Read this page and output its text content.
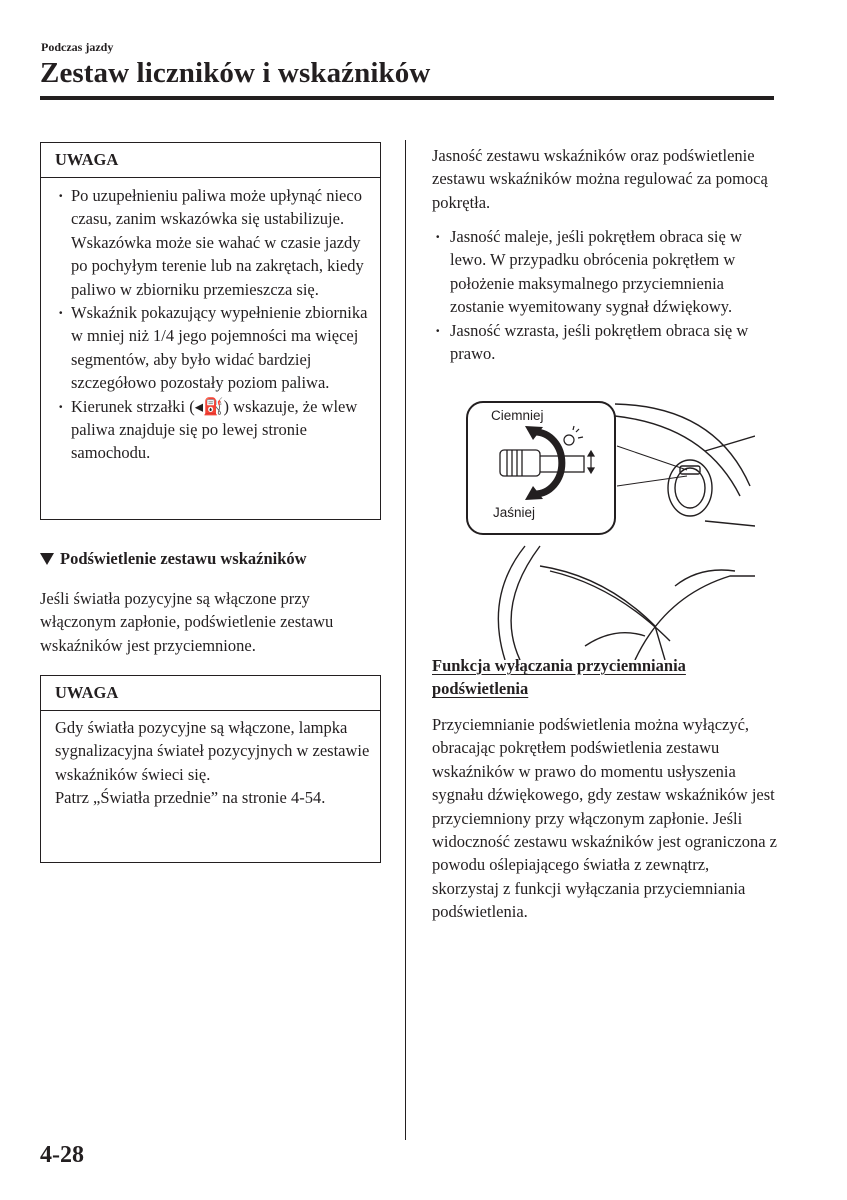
Podczas jazdy
Zestaw liczników i wskaźników
UWAGA
· Po uzupełnieniu paliwa może upłynąć nieco czasu, zanim wskazówka się ustabilizuje. Wskazówka może sie wahać w czasie jazdy po pochyłym terenie lub na zakrętach, kiedy paliwo w zbiorniku przemieszcza się.
· Wskaźnik pokazujący wypełnienie zbiornika w mniej niż 1/4 jego pojemności ma więcej segmentów, aby było widać bardziej szczegółowo pozostały poziom paliwa.
· Kierunek strzałki (◂⛽) wskazuje, że wlew paliwa znajduje się po lewej stronie samochodu.
Podświetlenie zestawu wskaźników

Jeśli światła pozycyjne są włączone przy włączonym zapłonie, podświetlenie zestawu wskaźników jest przyciemnione.

UWAGA

Gdy światła pozycyjne są włączone, lampka sygnalizacyjna świateł pozycyjnych w zestawie wskaźników świeci się.

Patrz „Światła przednie” na stronie 4-54.

Jasność zestawu wskaźników oraz podświetlenie zestawu wskaźników można regulować za pomocą pokrętła.

· Jasność maleje, jeśli pokrętłem obraca się w lewo. W przypadku obrócenia pokrętłem w położenie maksymalnego przyciemnienia zostanie wyemitowany sygnał dźwiękowy.
· Jasność wzrasta, jeśli pokrętłem obraca się w prawo.
Ciemniej
Jaśniej
Funkcja wyłączania przyciemniania
podświetlenia

Przyciemnianie podświetlenia można wyłączyć, obracając pokrętłem podświetlenia zestawu wskaźników w prawo do momentu usłyszenia sygnału dźwiękowego, gdy zestaw wskaźników jest przyciemniony przy włączonym zapłonie. Jeśli widoczność zestawu wskaźników jest ograniczona z powodu oślepiającego światła z zewnątrz, skorzystaj z funkcji wyłączania przyciemniania podświetlenia.

4-28
